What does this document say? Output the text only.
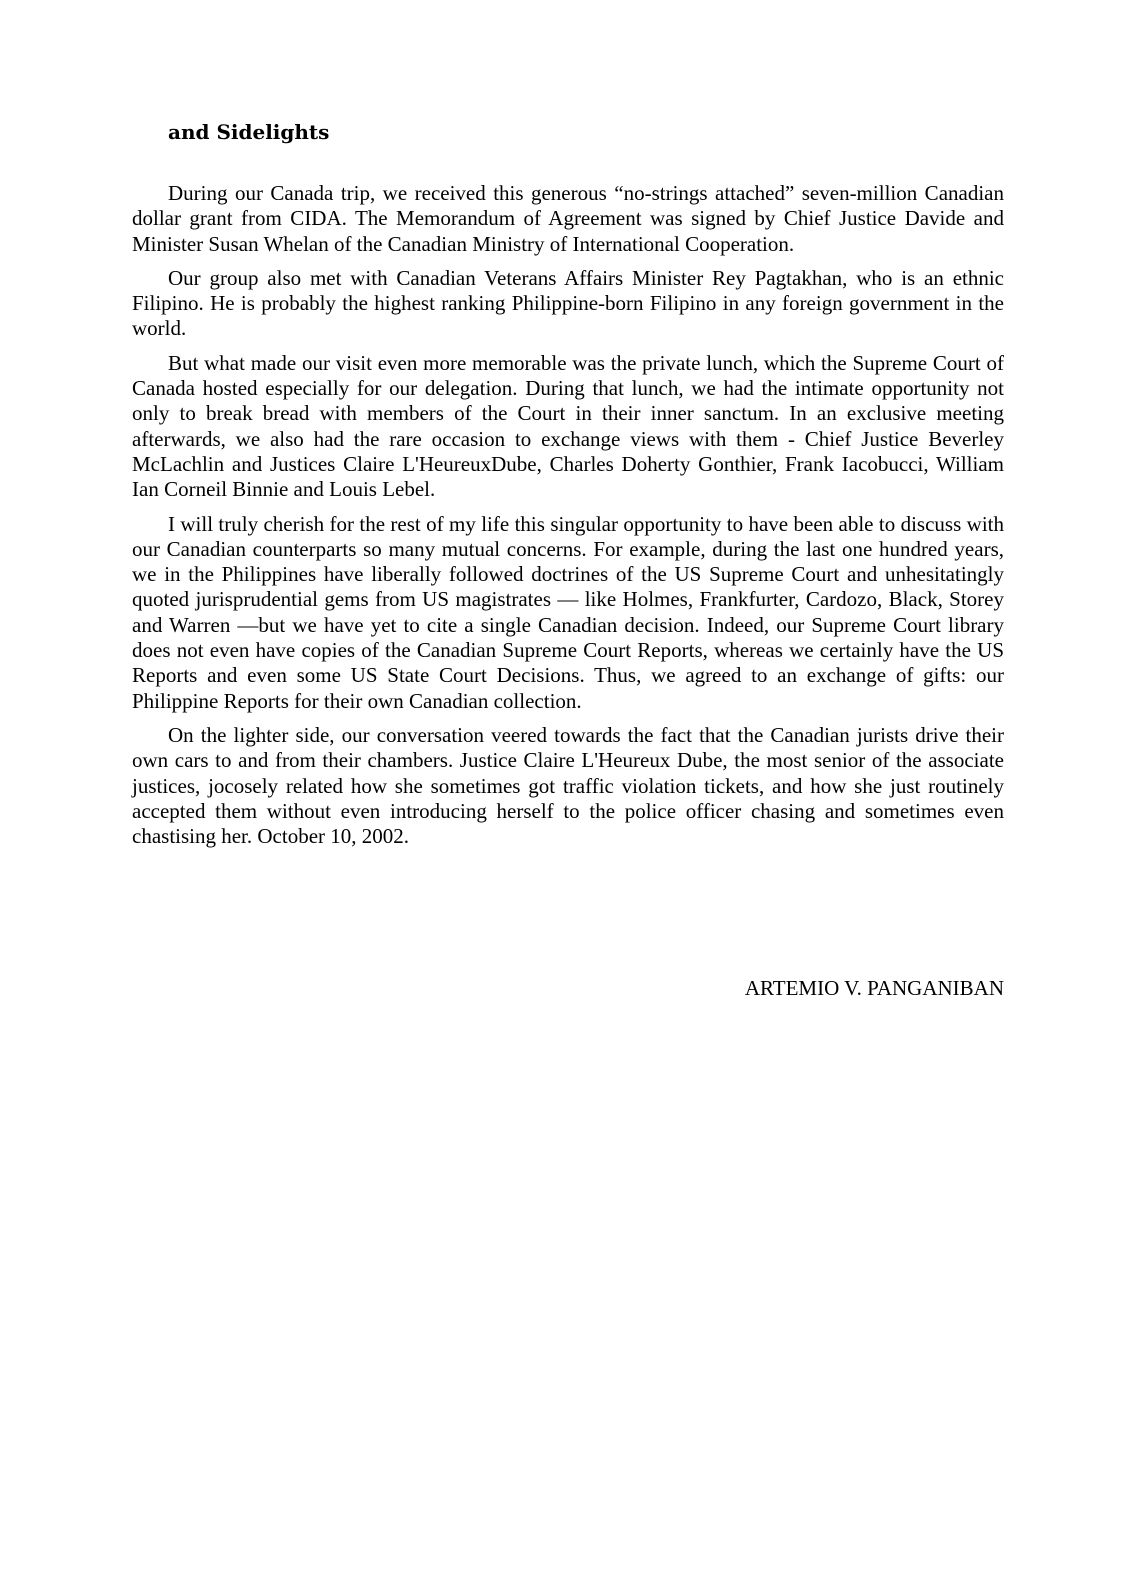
and Sidelights

During our Canada trip, we received this generous “no-strings attached” seven-million Canadian dollar grant from CIDA. The Memorandum of Agreement was signed by Chief Justice Davide and Minister Susan Whelan of the Canadian Ministry of International Cooperation.

Our group also met with Canadian Veterans Affairs Minister Rey Pagtakhan, who is an ethnic Filipino. He is probably the highest ranking Philippine-born Filipino in any foreign government in the world.

But what made our visit even more memorable was the private lunch, which the Supreme Court of Canada hosted especially for our delegation. During that lunch, we had the intimate opportunity not only to break bread with members of the Court in their inner sanctum. In an exclusive meeting afterwards, we also had the rare occasion to exchange views with them - Chief Justice Beverley McLachlin and Justices Claire L'HeureuxDube, Charles Doherty Gonthier, Frank Iacobucci, William Ian Corneil Binnie and Louis Lebel.

I will truly cherish for the rest of my life this singular opportunity to have been able to discuss with our Canadian counterparts so many mutual concerns. For example, during the last one hundred years, we in the Philippines have liberally followed doctrines of the US Supreme Court and unhesitatingly quoted jurisprudential gems from US magistrates — like Holmes, Frankfurter, Cardozo, Black, Storey and Warren —but we have yet to cite a single Canadian decision. Indeed, our Supreme Court library does not even have copies of the Canadian Supreme Court Reports, whereas we certainly have the US Reports and even some US State Court Decisions. Thus, we agreed to an exchange of gifts: our Philippine Reports for their own Canadian collection.

On the lighter side, our conversation veered towards the fact that the Canadian jurists drive their own cars to and from their chambers. Justice Claire L'Heureux Dube, the most senior of the associate justices, jocosely related how she sometimes got traffic violation tickets, and how she just routinely accepted them without even introducing herself to the police officer chasing and sometimes even chastising her. October 10, 2002.

ARTEMIO V. PANGANIBAN
